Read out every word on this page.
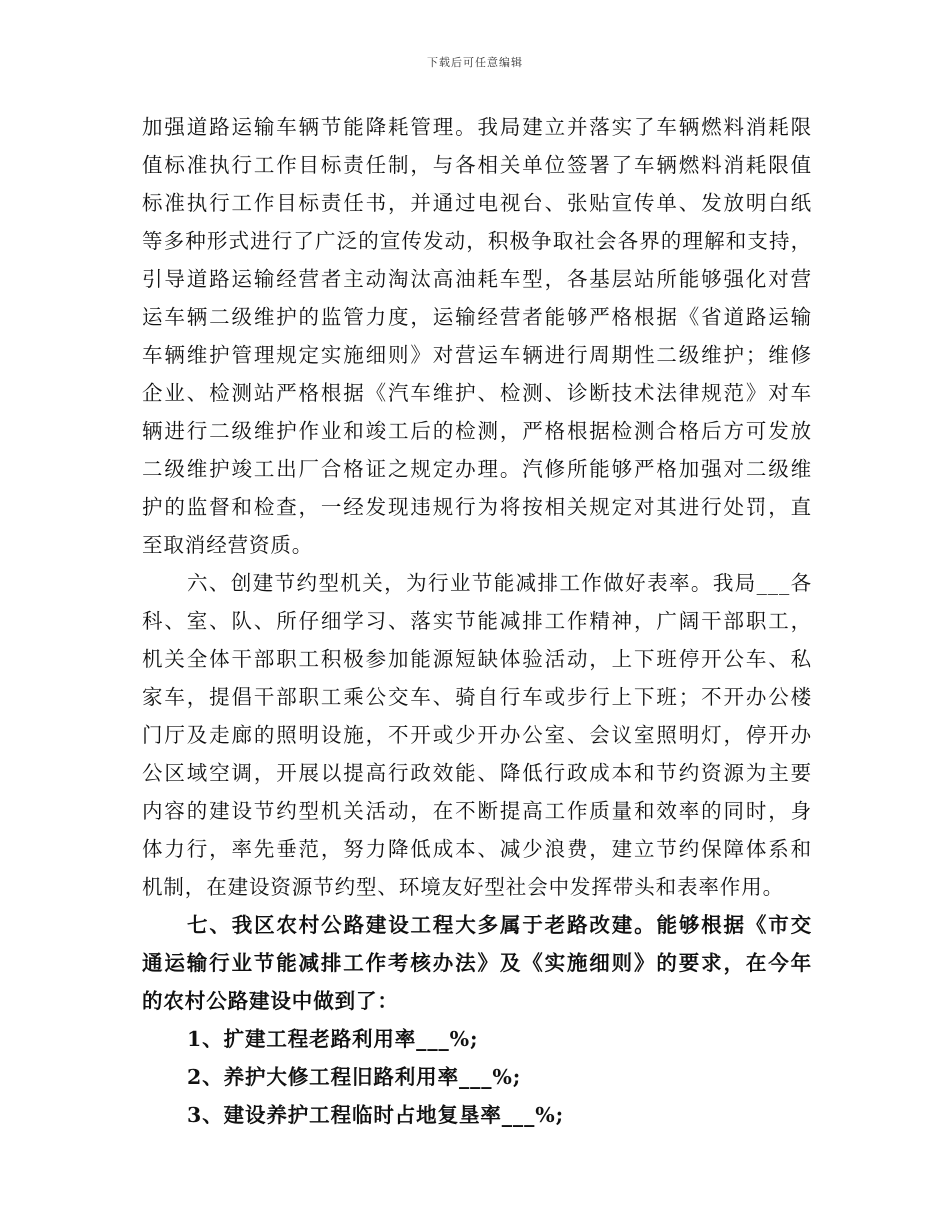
下载后可任意编辑
加强道路运输车辆节能降耗管理。我局建立并落实了车辆燃料消耗限
值标准执行工作目标责任制，与各相关单位签署了车辆燃料消耗限值
标准执行工作目标责任书，并通过电视台、张贴宣传单、发放明白纸
等多种形式进行了广泛的宣传发动，积极争取社会各界的理解和支持，
引导道路运输经营者主动淘汰高油耗车型，各基层站所能够强化对营
运车辆二级维护的监管力度，运输经营者能够严格根据《省道路运输
车辆维护管理规定实施细则》对营运车辆进行周期性二级维护；维修
企业、检测站严格根据《汽车维护、检测、诊断技术法律规范》对车
辆进行二级维护作业和竣工后的检测，严格根据检测合格后方可发放
二级维护竣工出厂合格证之规定办理。汽修所能够严格加强对二级维
护的监督和检查，一经发现违规行为将按相关规定对其进行处罚，直
至取消经营资质。
六、创建节约型机关，为行业节能减排工作做好表率。我局___各
科、室、队、所仔细学习、落实节能减排工作精神，广阔干部职工，
机关全体干部职工积极参加能源短缺体验活动，上下班停开公车、私
家车，提倡干部职工乘公交车、骑自行车或步行上下班；不开办公楼
门厅及走廊的照明设施，不开或少开办公室、会议室照明灯，停开办
公区域空调，开展以提高行政效能、降低行政成本和节约资源为主要
内容的建设节约型机关活动，在不断提高工作质量和效率的同时，身
体力行，率先垂范，努力降低成本、减少浪费，建立节约保障体系和
机制，在建设资源节约型、环境友好型社会中发挥带头和表率作用。
七、我区农村公路建设工程大多属于老路改建。能够根据《市交
通运输行业节能减排工作考核办法》及《实施细则》的要求，在今年
的农村公路建设中做到了：
1、扩建工程老路利用率___%;
2、养护大修工程旧路利用率___%;
3、建设养护工程临时占地复垦率___%;
